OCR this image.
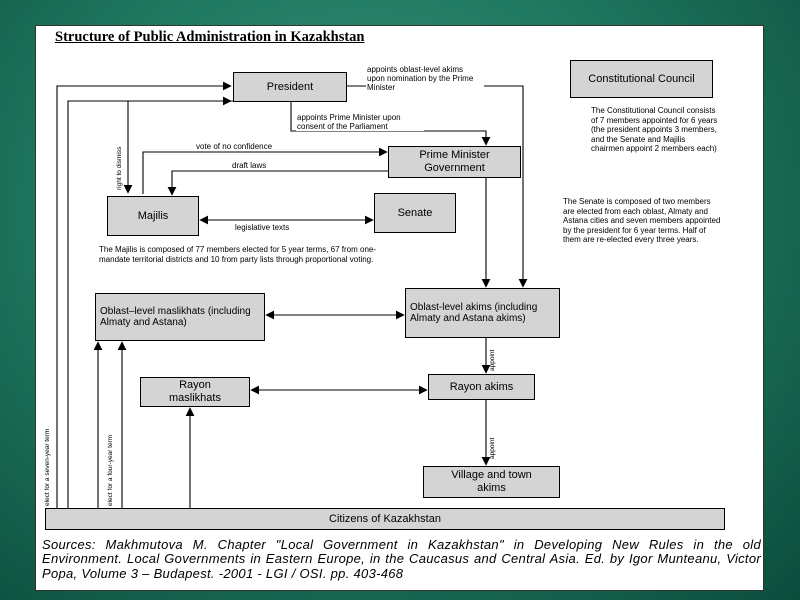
Structure of Public Administration in Kazakhstan
President
Constitutional Council
Prime Minister Government
Majilis	Senate
Oblast–level maslikhats (including Almaty and Astana)
Oblast-level akims (including Almaty and Astana akims)
Rayon maslikhats
Rayon akims
Village and town akims
Citizens of Kazakhstan
appoints oblast-level akims upon nomination by the Prime Minister
appoints Prime Minister upon consent of the Parliament
vote of no confidence
draft laws
legislative texts
right to dismiss
appoint
appoint
elect for a seven-year term	elect for a four-year term
The Majilis is composed of 77 members elected for 5 year terms, 67 from one-mandate territorial districts and 10 from party lists through proportional voting.
The Constitutional Council consists of 7 members appointed for 6 years (the president appoints 3 members, and the Senate and Majilis chairmen appoint 2 members each)
The Senate is composed of two members are elected from each oblast, Almaty and Astana cities and seven members appointed by the president for 6 year terms. Half of them are re-elected every three years.
Sources: Makhmutova M. Chapter "Local Government in Kazakhstan" in Developing New Rules in the old Environment. Local Governments in Eastern Europe, in the Caucasus and Central Asia. Ed. by Igor Munteanu, Victor Popa, Volume 3 – Budapest. -2001 - LGI / OSI. pp. 403-468
